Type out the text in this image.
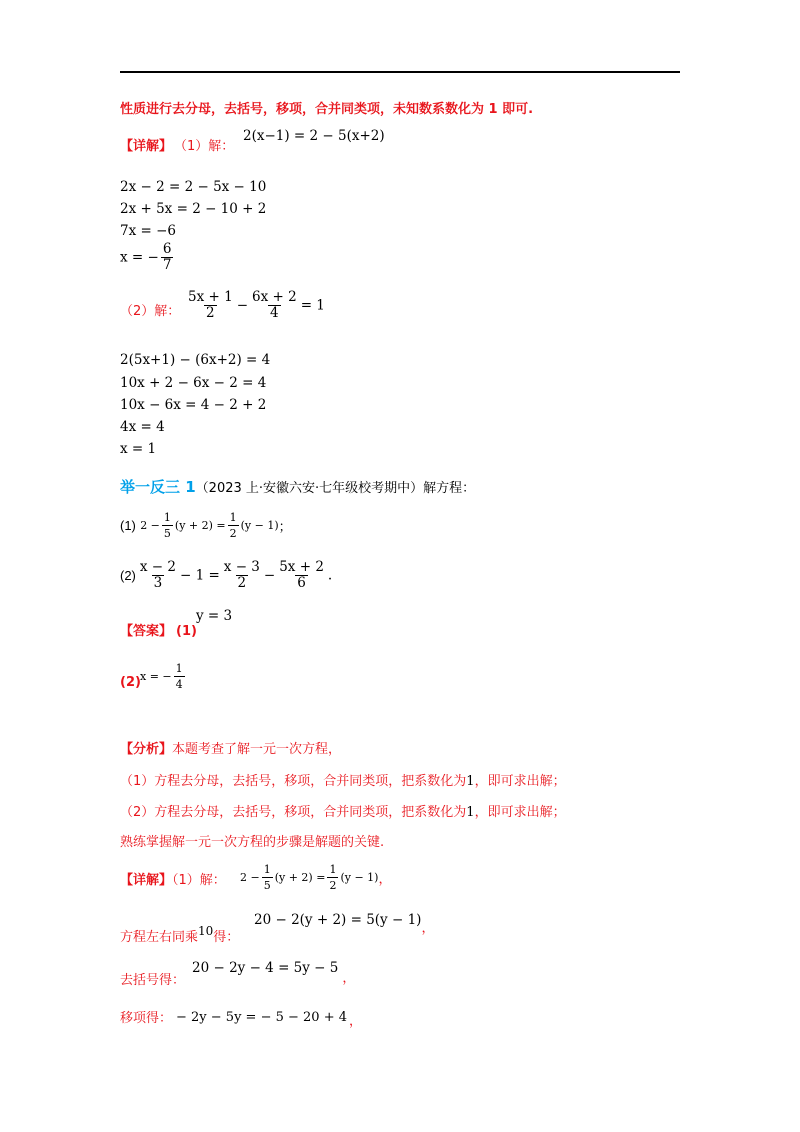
性质进行去分母，去括号，移项，合并同类项，未知数系数化为 1 即可.
【详解】 （1）解：
2(x−1) = 2 − 5(x+2)
2x − 2 = 2 − 5x − 10
2x + 5x = 2 − 10 + 2
7x = −6
x = − $\frac{6}{7}$
（2）解： $\frac{5x + 1}{2} - \frac{6x + 2}{4} = 1$
2(5x+1) − (6x+2) = 4
10x + 2 − 6x − 2 = 4
10x − 6x = 4 − 2 + 2
4x = 4
x = 1
举一反三 1（2023 上·安徽六安·七年级校考期中）解方程：
(1) $2 - \frac{1}{5} (y + 2) = \frac{1}{2} (y - 1)$；
$(2) \frac{x - 2}{3} - 1 = \frac{x - 3}{2} - \frac{5x + 2}{6}$ .
【答案】 (1)
y = 3
(2) x = − $\frac{1}{4}$
【分析】本题考查了解一元一次方程，
（1）方程去分母，去括号，移项，合并同类项，把系数化为1，即可求出解；
（2）方程去分母，去括号，移项，合并同类项，把系数化为1，即可求出解；
熟练掌握解一元一次方程的步骤是解题的关键.
【详解】（1）解： $2 - \frac{1}{5} (y + 2) = \frac{1}{2} (y - 1)$，
方程左右同乘10得：
20 − 2(y + 2) = 5(y − 1)，
去括号得：
20 − 2y − 4 = 5y − 5，
移项得： − 2y − 5y = − 5 − 20 + 4 ，
